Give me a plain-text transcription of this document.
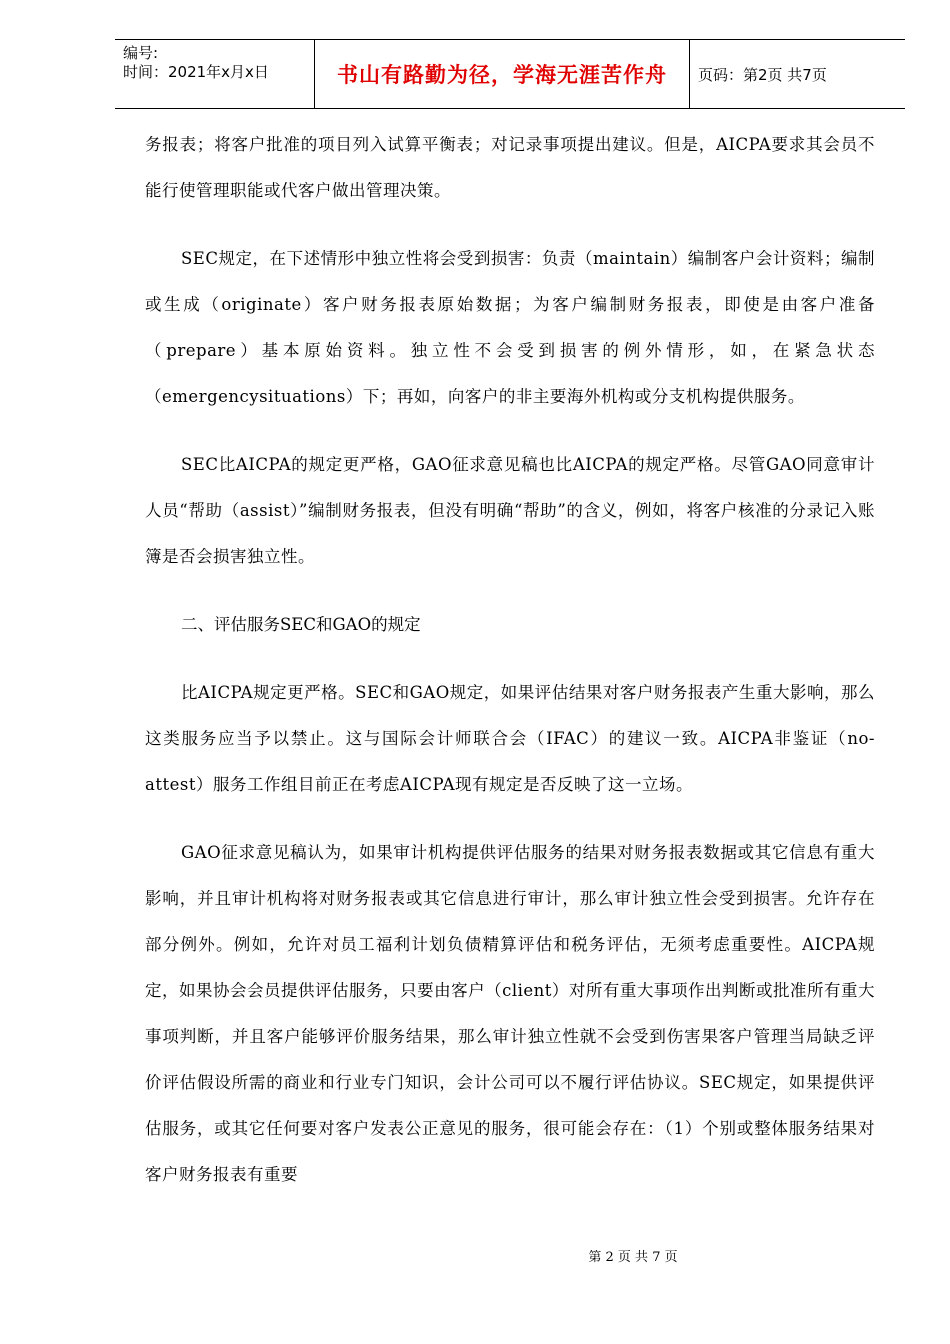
编号:
时间：2021年x月x日	书山有路勤为径，学海无涯苦作舟	页码：第2页 共7页

务报表；将客户批准的项目列入试算平衡表；对记录事项提出建议。但是，AICPA要求其会员不能行使管理职能或代客户做出管理决策。

SEC规定，在下述情形中独立性将会受到损害：负责（maintain）编制客户会计资料；编制或生成（originate）客户财务报表原始数据；为客户编制财务报表，即使是由客户准备（prepare）基本原始资料。独立性不会受到损害的例外情形，如，在紧急状态（emergencysituations）下；再如，向客户的非主要海外机构或分支机构提供服务。

SEC比AICPA的规定更严格，GAO征求意见稿也比AICPA的规定严格。尽管GAO同意审计人员“帮助（assist）”编制财务报表，但没有明确“帮助”的含义，例如，将客户核准的分录记入账簿是否会损害独立性。

二、评估服务SEC和GAO的规定

比AICPA规定更严格。SEC和GAO规定，如果评估结果对客户财务报表产生重大影响，那么这类服务应当予以禁止。这与国际会计师联合会（IFAC）的建议一致。AICPA非鉴证（no-attest）服务工作组目前正在考虑AICPA现有规定是否反映了这一立场。

GAO征求意见稿认为，如果审计机构提供评估服务的结果对财务报表数据或其它信息有重大影响，并且审计机构将对财务报表或其它信息进行审计，那么审计独立性会受到损害。允许存在部分例外。例如，允许对员工福利计划负债精算评估和税务评估，无须考虑重要性。AICPA规定，如果协会会员提供评估服务，只要由客户（client）对所有重大事项作出判断或批准所有重大事项判断，并且客户能够评价服务结果，那么审计独立性就不会受到伤害果客户管理当局缺乏评价评估假设所需的商业和行业专门知识，会计公司可以不履行评估协议。SEC规定，如果提供评估服务，或其它任何要对客户发表公正意见的服务，很可能会存在：（1）个别或整体服务结果对客户财务报表有重要

第 2 页 共 7 页
